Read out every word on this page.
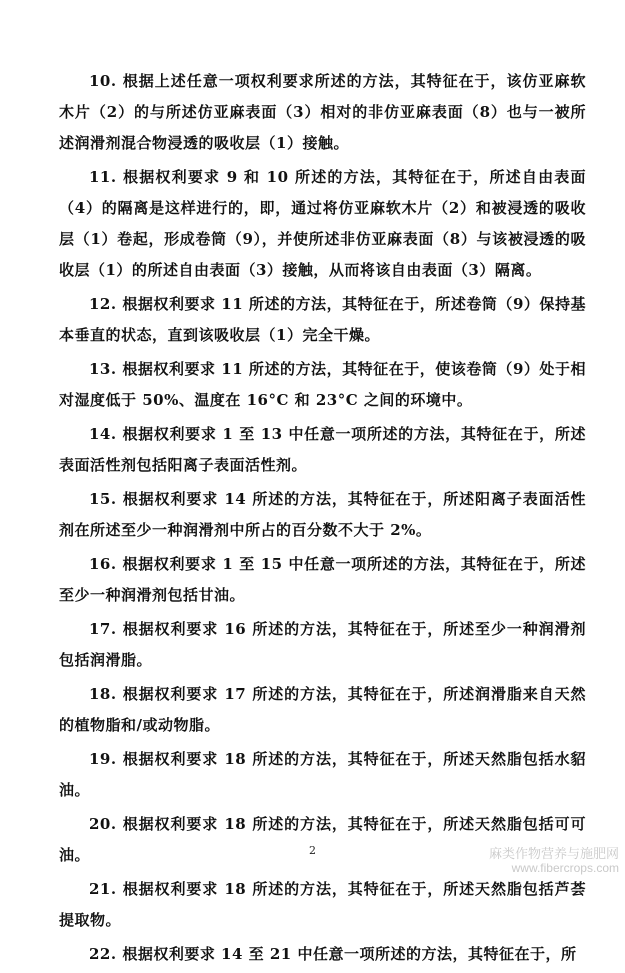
10. 根据上述任意一项权利要求所述的方法，其特征在于，该仿亚麻软木片（2）的与所述仿亚麻表面（3）相对的非仿亚麻表面（8）也与一被所述润滑剂混合物浸透的吸收层（1）接触。

11. 根据权利要求 9 和 10 所述的方法，其特征在于，所述自由表面（4）的隔离是这样进行的，即，通过将仿亚麻软木片（2）和被浸透的吸收层（1）卷起，形成卷筒（9），并使所述非仿亚麻表面（8）与该被浸透的吸收层（1）的所述自由表面（3）接触，从而将该自由表面（3）隔离。

12. 根据权利要求 11 所述的方法，其特征在于，所述卷筒（9）保持基本垂直的状态，直到该吸收层（1）完全干燥。

13. 根据权利要求 11 所述的方法，其特征在于，使该卷筒（9）处于相对湿度低于 50%、温度在 16°C 和 23°C 之间的环境中。

14. 根据权利要求 1 至 13 中任意一项所述的方法，其特征在于，所述表面活性剂包括阳离子表面活性剂。

15. 根据权利要求 14 所述的方法，其特征在于，所述阳离子表面活性剂在所述至少一种润滑剂中所占的百分数不大于 2%。

16. 根据权利要求 1 至 15 中任意一项所述的方法，其特征在于，所述至少一种润滑剂包括甘油。

17. 根据权利要求 16 所述的方法，其特征在于，所述至少一种润滑剂包括润滑脂。

18. 根据权利要求 17 所述的方法，其特征在于，所述润滑脂来自天然的植物脂和/或动物脂。

19. 根据权利要求 18 所述的方法，其特征在于，所述天然脂包括水貂油。

20. 根据权利要求 18 所述的方法，其特征在于，所述天然脂包括可可油。

21. 根据权利要求 18 所述的方法，其特征在于，所述天然脂包括芦荟提取物。

22. 根据权利要求 14 至 21 中任意一项所述的方法，其特征在于，所

2	麻类作物营养与施肥网
www.fibercrops.com
